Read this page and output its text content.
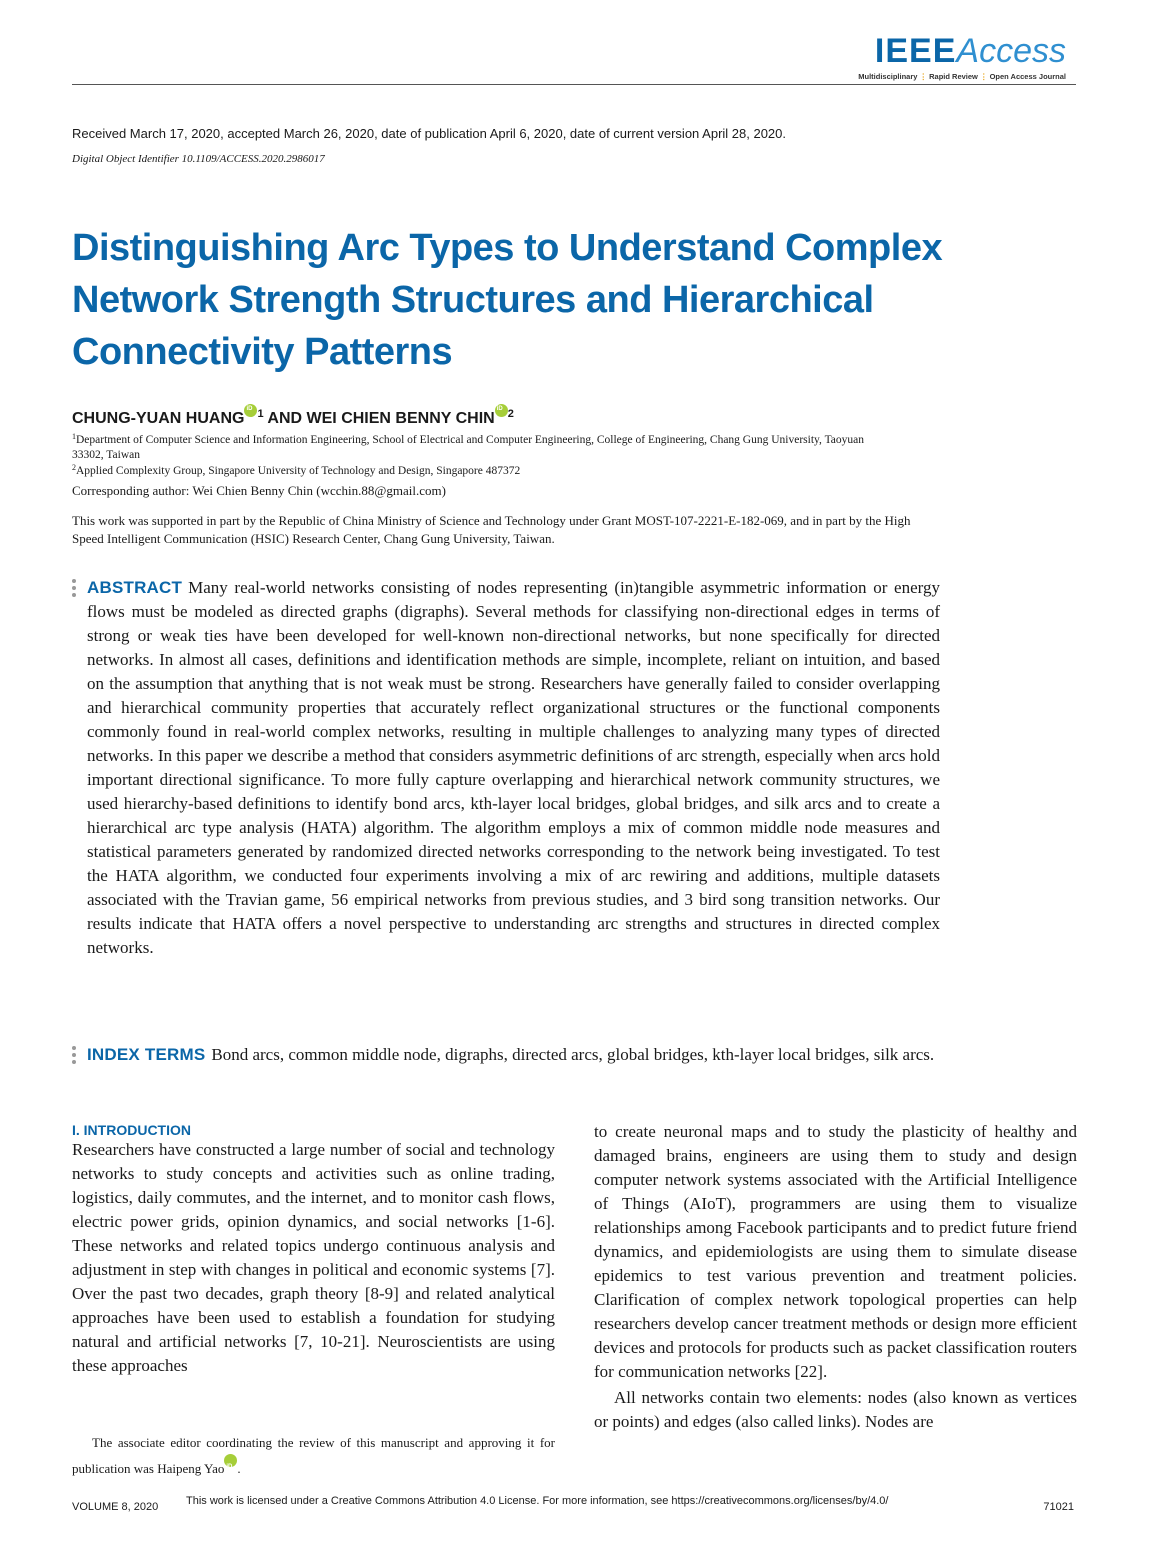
IEEEAccess
Multidisciplinary ⋮ Rapid Review ⋮ Open Access Journal
Received March 17, 2020, accepted March 26, 2020, date of publication April 6, 2020, date of current version April 28, 2020.
Digital Object Identifier 10.1109/ACCESS.2020.2986017
Distinguishing Arc Types to Understand Complex Network Strength Structures and Hierarchical Connectivity Patterns
CHUNG-YUAN HUANG iD $^1$ AND WEI CHIEN BENNY CHIN iD $^2$
$^1$Department of Computer Science and Information Engineering, School of Electrical and Computer Engineering, College of Engineering, Chang Gung University, Taoyuan 33302, Taiwan
$^2$Applied Complexity Group, Singapore University of Technology and Design, Singapore 487372
Corresponding author: Wei Chien Benny Chin (wcchin.88@gmail.com)
This work was supported in part by the Republic of China Ministry of Science and Technology under Grant MOST-107-2221-E-182-069, and in part by the High Speed Intelligent Communication (HSIC) Research Center, Chang Gung University, Taiwan.
ABSTRACT Many real-world networks consisting of nodes representing (in)tangible asymmetric information or energy flows must be modeled as directed graphs (digraphs). Several methods for classifying non-directional edges in terms of strong or weak ties have been developed for well-known non-directional networks, but none specifically for directed networks. In almost all cases, definitions and identification methods are simple, incomplete, reliant on intuition, and based on the assumption that anything that is not weak must be strong. Researchers have generally failed to consider overlapping and hierarchical community properties that accurately reflect organizational structures or the functional components commonly found in real-world complex networks, resulting in multiple challenges to analyzing many types of directed networks. In this paper we describe a method that considers asymmetric definitions of arc strength, especially when arcs hold important directional significance. To more fully capture overlapping and hierarchical network community structures, we used hierarchy-based definitions to identify bond arcs, kth-layer local bridges, global bridges, and silk arcs and to create a hierarchical arc type analysis (HATA) algorithm. The algorithm employs a mix of common middle node measures and statistical parameters generated by randomized directed networks corresponding to the network being investigated. To test the HATA algorithm, we conducted four experiments involving a mix of arc rewiring and additions, multiple datasets associated with the Travian game, 56 empirical networks from previous studies, and 3 bird song transition networks. Our results indicate that HATA offers a novel perspective to understanding arc strengths and structures in directed complex networks.
INDEX TERMS Bond arcs, common middle node, digraphs, directed arcs, global bridges, kth-layer local bridges, silk arcs.
I. INTRODUCTION
Researchers have constructed a large number of social and technology networks to study concepts and activities such as online trading, logistics, daily commutes, and the internet, and to monitor cash flows, electric power grids, opinion dynamics, and social networks [1-6]. These networks and related topics undergo continuous analysis and adjustment in step with changes in political and economic systems [7]. Over the past two decades, graph theory [8-9] and related analytical approaches have been used to establish a foundation for studying natural and artificial networks [7, 10-21]. Neuroscientists are using these approaches
The associate editor coordinating the review of this manuscript and approving it for publication was Haipeng YaoiD .
to create neuronal maps and to study the plasticity of healthy and damaged brains, engineers are using them to study and design computer network systems associated with the Artificial Intelligence of Things (AIoT), programmers are using them to visualize relationships among Facebook participants and to predict future friend dynamics, and epidemiologists are using them to simulate disease epidemics to test various prevention and treatment policies. Clarification of complex network topological properties can help researchers develop cancer treatment methods or design more efficient devices and protocols for products such as packet classification routers for communication networks [22].
All networks contain two elements: nodes (also known as vertices or points) and edges (also called links). Nodes are
VOLUME 8, 2020	This work is licensed under a Creative Commons Attribution 4.0 License. For more information, see https://creativecommons.org/licenses/by/4.0/	71021
